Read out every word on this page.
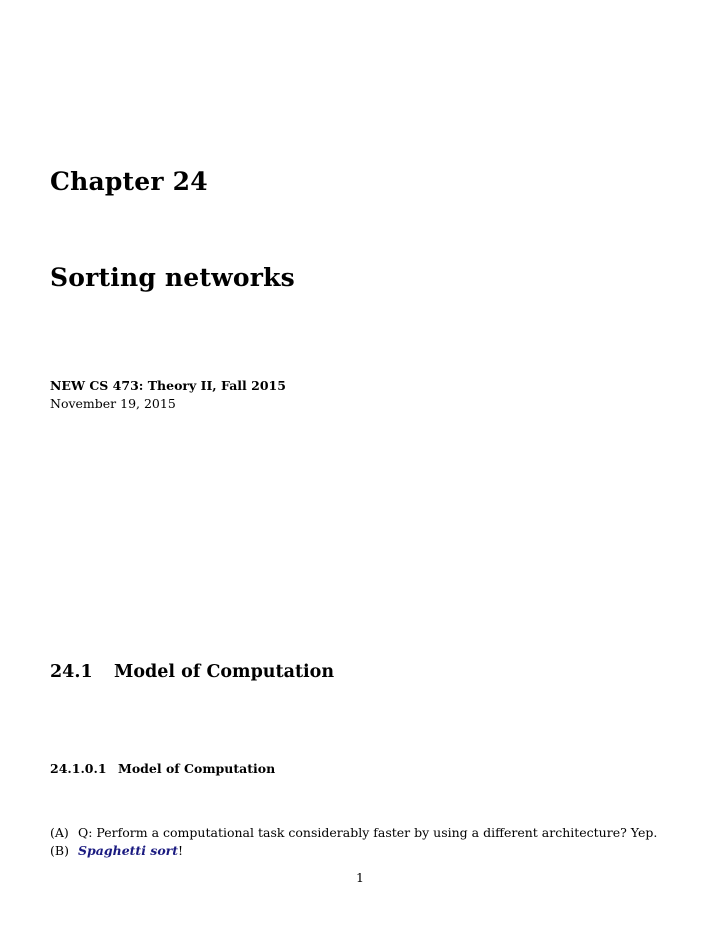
Chapter 24
Sorting networks
NEW CS 473: Theory II, Fall 2015
November 19, 2015
24.1 Model of Computation
24.1.0.1 Model of Computation
(A) Q: Perform a computational task considerably faster by using a different architecture? Yep.
(B) Spaghetti sort!
1
